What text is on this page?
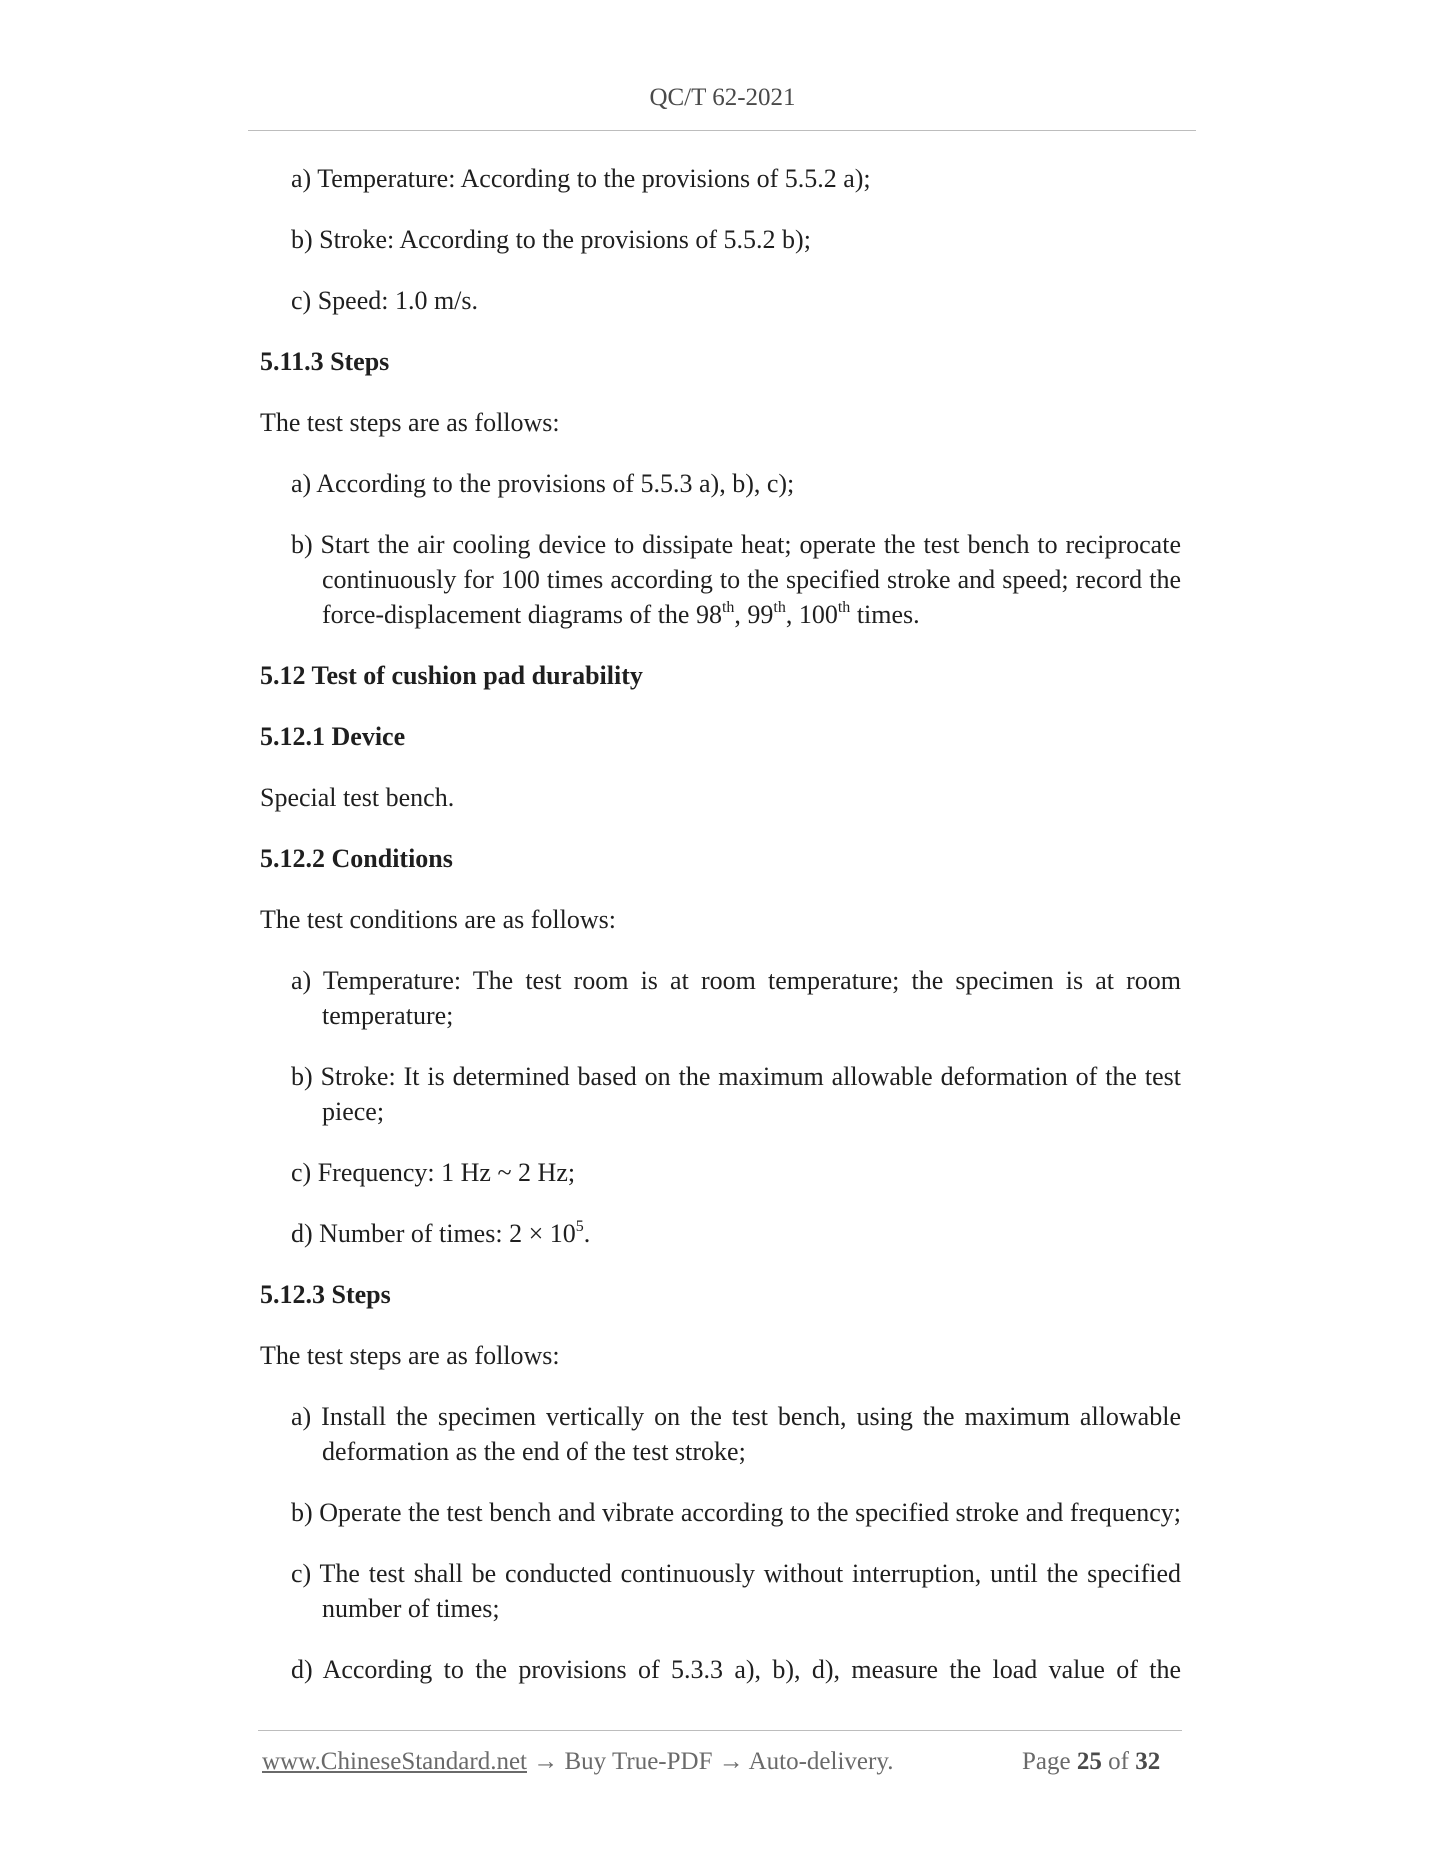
QC/T 62-2021
a) Temperature: According to the provisions of 5.5.2 a);
b) Stroke: According to the provisions of 5.5.2 b);
c) Speed: 1.0 m/s.
5.11.3 Steps
The test steps are as follows:
a) According to the provisions of 5.5.3 a), b), c);
b) Start the air cooling device to dissipate heat; operate the test bench to reciprocate
continuously for 100 times according to the specified stroke and speed; record the
force-displacement diagrams of the 98th, 99th, 100th times.
5.12 Test of cushion pad durability
5.12.1 Device
Special test bench.
5.12.2 Conditions
The test conditions are as follows:
a) Temperature: The test room is at room temperature; the specimen is at room
temperature;
b) Stroke: It is determined based on the maximum allowable deformation of the test
piece;
c) Frequency: 1 Hz ~ 2 Hz;
d) Number of times: $2 \times 10^5$.
5.12.3 Steps
The test steps are as follows:
a) Install the specimen vertically on the test bench, using the maximum allowable
deformation as the end of the test stroke;
b) Operate the test bench and vibrate according to the specified stroke and frequency;
c) The test shall be conducted continuously without interruption, until the specified
number of times;
d) According to the provisions of 5.3.3 a), b), d), measure the load value of the
www.ChineseStandard.net → Buy True-PDF → Auto-delivery.	Page 25 of 32
